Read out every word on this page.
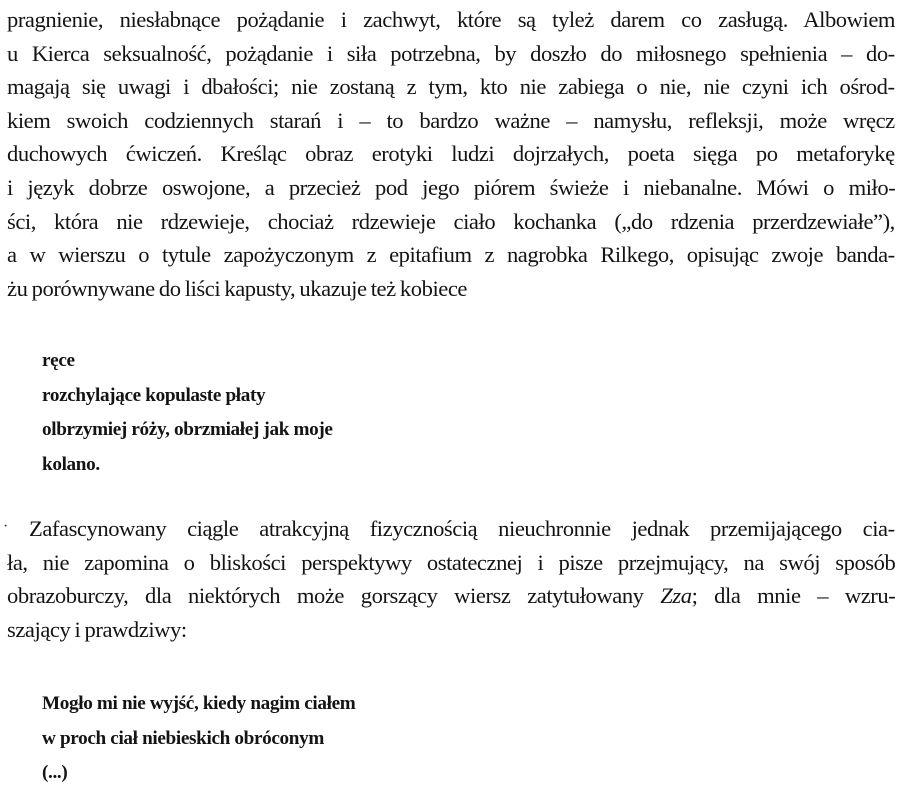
pragnienie, niesłabnące pożądanie i zachwyt, które są tyleż darem co zasługą. Albowiem
u Kierca seksualność, pożądanie i siła potrzebna, by doszło do miłosnego spełnienia – do-
magają się uwagi i dbałości; nie zostaną z tym, kto nie zabiega o nie, nie czyni ich ośrod-
kiem swoich codziennych starań i – to bardzo ważne – namysłu, refleksji, może wręcz
duchowych ćwiczeń. Kreśląc obraz erotyki ludzi dojrzałych, poeta sięga po metaforykę
i język dobrze oswojone, a przecież pod jego piórem świeże i niebanalne. Mówi o miło-
ści, która nie rdzewieje, chociaż rdzewieje ciało kochanka („do rdzenia przerdzewiałe”),
a w wierszu o tytule zapożyczonym z epitafium z nagrobka Rilkego, opisując zwoje banda-
żu porównywane do liści kapusty, ukazuje też kobiece
ręce
rozchylające kopulaste płaty
olbrzymiej róży, obrzmiałej jak moje
kolano.
· Zafascynowany ciągle atrakcyjną fizycznością nieuchronnie jednak przemijającego cia-
ła, nie zapomina o bliskości perspektywy ostatecznej i pisze przejmujący, na swój sposób
obrazoburczy, dla niektórych może gorszący wiersz zatytułowany Zza; dla mnie – wzru-
szający i prawdziwy:
Mogło mi nie wyjść, kiedy nagim ciałem
w proch ciał niebieskich obróconym
(...)
